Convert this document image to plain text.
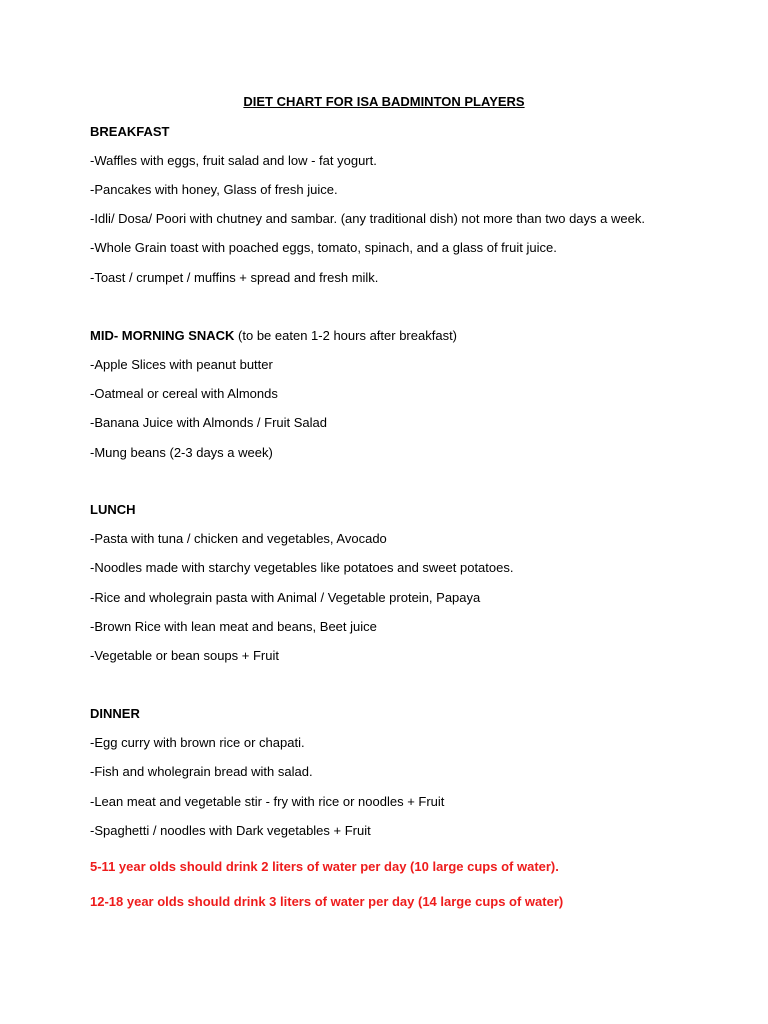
DIET CHART FOR ISA BADMINTON PLAYERS
BREAKFAST
-Waffles with eggs, fruit salad and low - fat yogurt.
-Pancakes with honey, Glass of fresh juice.
-Idli/ Dosa/ Poori with chutney and sambar. (any traditional dish) not more than two days a week.
-Whole Grain toast with poached eggs, tomato, spinach, and a glass of fruit juice.
-Toast / crumpet / muffins + spread and fresh milk.
MID- MORNING SNACK (to be eaten 1-2 hours after breakfast)
-Apple Slices with peanut butter
-Oatmeal or cereal with Almonds
-Banana Juice with Almonds / Fruit Salad
-Mung beans (2-3 days a week)
LUNCH
-Pasta with tuna / chicken and vegetables, Avocado
-Noodles made with starchy vegetables like potatoes and sweet potatoes.
-Rice and wholegrain pasta with Animal / Vegetable protein, Papaya
-Brown Rice with lean meat and beans, Beet juice
-Vegetable or bean soups + Fruit
DINNER
-Egg curry with brown rice or chapati.
-Fish and wholegrain bread with salad.
-Lean meat and vegetable stir - fry with rice or noodles + Fruit
-Spaghetti / noodles with Dark vegetables + Fruit
5-11 year olds should drink 2 liters of water per day (10 large cups of water).
12-18 year olds should drink 3 liters of water per day (14 large cups of water)
